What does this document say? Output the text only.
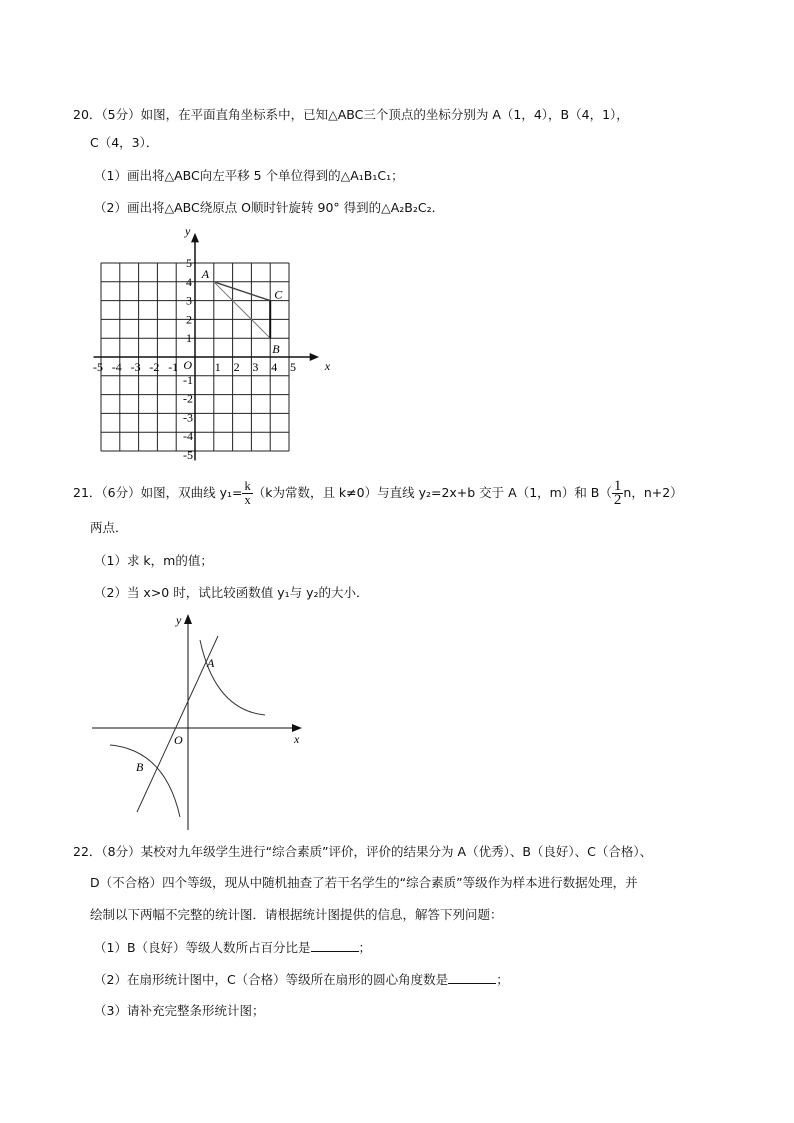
20．（5分）如图，在平面直角坐标系中，已知△ABC三个顶点的坐标分别为 A（1，4），B（4，1），
C（4，3）．
（1）画出将△ABC向左平移 5 个单位得到的△A₁B₁C₁；
（2）画出将△ABC绕原点 O顺时针旋转 90° 得到的△A₂B₂C₂．
-5 -4 -3 -2 -1	1 2 3 4 5
5
4
3
2
1
-1
-2
-3
-4
-5
x
y
O
A
B
C
21．（6分）如图，双曲线 $y_1= \frac{k}{x} (k$为常数，且 k≠0）与直线 y₂=2x+b 交于 A（1，m）和 $B( \frac{1}{2}$ n，n+2）
两点．
（1）求 k，m的值；
（2）当 x>0 时，试比较函数值 y₁与 y₂的大小．
x
y
O
A
B
22．（8分）某校对九年级学生进行“综合素质”评价，评价的结果分为 A（优秀）、B（良好）、C（合格）、
D（不合格）四个等级，现从中随机抽查了若干名学生的“综合素质”等级作为样本进行数据处理，并
绘制以下两幅不完整的统计图．请根据统计图提供的信息，解答下列问题：
（1）B（良好）等级人数所占百分比是	；
（2）在扇形统计图中，C（合格）等级所在扇形的圆心角度数是	；
（3）请补充完整条形统计图；
